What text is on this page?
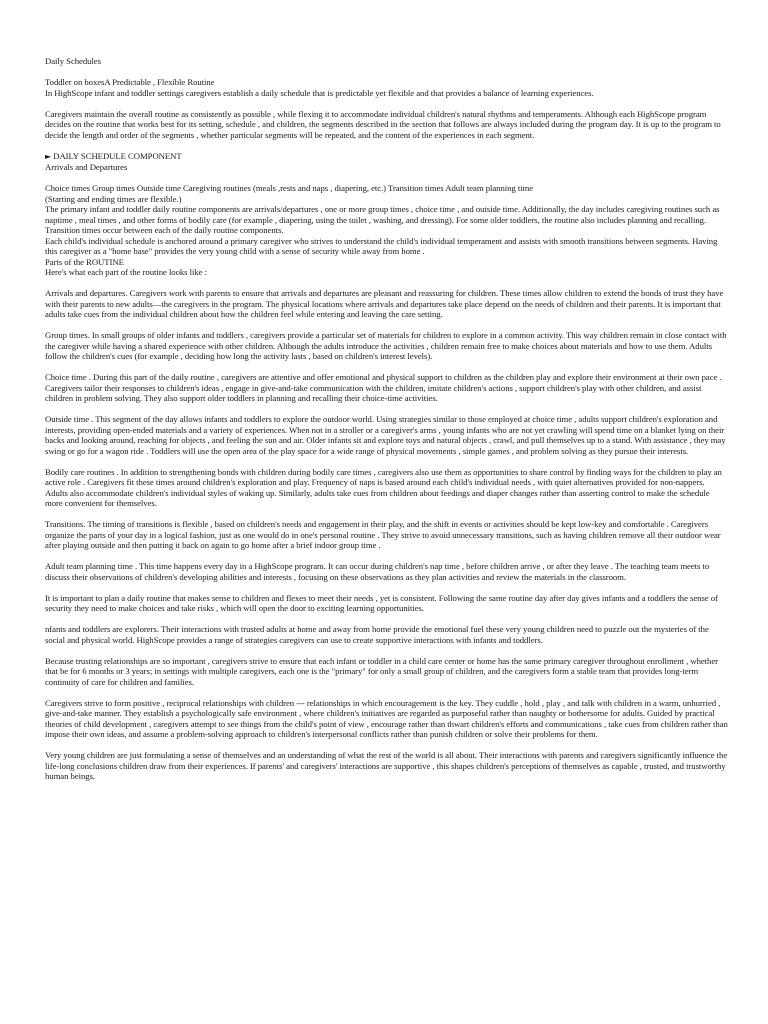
Daily Schedules

Toddler on boxesA Predictable , Flexible Routine

In HighScope infant and toddler settings caregivers establish a daily schedule that is predictable yet flexible and that provides a balance of learning experiences.

Caregivers maintain the overall routine as consistently as possible , while flexing it to accommodate individual children's natural rhythms and temperaments. Although each HighScope program decides on the routine that works best for its setting, schedule , and children, the segments described in the section that follows are always included during the program day. It is up to the program to decide the length and order of the segments , whether particular segments will be repeated, and the content of the experiences in each segment.

► DAILY SCHEDULE COMPONENT

Arrivals and Departures

Choice times Group times Outside time Caregiving routines (meals ,rests and naps , diapering, etc.) Transition times Adult team planning time

(Starting and ending times are flexible.)

The primary infant and toddler daily routine components are arrivals/departures , one or more group times , choice time , and outside time. Additionally, the day includes caregiving routines such as naptime , meal times , and other forms of bodily care (for example , diapering, using the toilet , washing, and dressing). For some older toddlers, the routine also includes planning and recalling. Transition times occur between each of the daily routine components.

Each child's individual schedule is anchored around a primary caregiver who strives to understand the child's individual temperament and assists with smooth transitions between segments. Having this caregiver as a "home base" provides the very young child with a sense of security while away from home .

Parts of the ROUTINE

Here's what each part of the routine looks like :

Arrivals and departures. Caregivers work with parents to ensure that arrivals and departures are pleasant and reassuring for children. These times allow children to extend the bonds of trust they have with their parents to new adults—the caregivers in the program. The physical locations where arrivals and departures take place depend on the needs of children and their parents. It is important that adults take cues from the individual children about how the children feel while entering and leaving the care setting.

Group times. In small groups of older infants and toddlers , caregivers provide a particular set of materials for children to explore in a common activity. This way children remain in close contact with the caregiver while having a shared experience with other children. Although the adults introduce the activities , children remain free to make choices about materials and how to use them. Adults follow the children's cues (for example , deciding how long the activity lasts , based on children's interest levels).

Choice time . During this part of the daily routine , caregivers are attentive and offer emotional and physical support to children as the children play and explore their environment at their own pace . Caregivers tailor their responses to children's ideas , engage in give-and-take communication with the children, imitate children's actions , support children's play with other children, and assist children in problem solving. They also support older toddlers in planning and recalling their choice-time activities.

Outside time . This segment of the day allows infants and toddlers to explore the outdoor world. Using strategies similar to those employed at choice time , adults support children's exploration and interests, providing open-ended materials and a variety of experiences. When not in a stroller or a caregiver's arms , young infants who are not yet crawling will spend time on a blanket lying on their backs and looking around, reaching for objects , and feeling the sun and air. Older infants sit and explore toys and natural objects , crawl, and pull themselves up to a stand. With assistance , they may swing or go for a wagon ride . Toddlers will use the open area of the play space for a wide range of physical movements , simple games , and problem solving as they pursue their interests.

Bodily care routines . In addition to strengthening bonds with children during bodily care times , caregivers also use them as opportunities to share control by finding ways for the children to play an active role . Caregivers fit these times around children's exploration and play. Frequency of naps is based around each child's individual needs , with quiet alternatives provided for non-nappers. Adults also accommodate children's individual styles of waking up. Similarly, adults take cues from children about feedings and diaper changes rather than asserting control to make the schedule more convenient for themselves.

Transitions. The timing of transitions is flexible , based on children's needs and engagement in their play, and the shift in events or activities should be kept low-key and comfortable . Caregivers organize the parts of your day in a logical fashion, just as one would do in one's personal routine . They strive to avoid unnecessary transitions, such as having children remove all their outdoor wear after playing outside and then putting it back on again to go home after a brief indoor group time .

Adult team planning time . This time happens every day in a HighScope program. It can occur during children's nap time , before children arrive , or after they leave . The teaching team meets to discuss their observations of children's developing abilities and interests , focusing on these observations as they plan activities and review the materials in the classroom.

It is important to plan a daily routine that makes sense to children and flexes to meet their needs , yet is consistent. Following the same routine day after day gives infants and a toddlers the sense of security they need to make choices and take risks , which will open the door to exciting learning opportunities.

nfants and toddlers are explorers. Their interactions with trusted adults at home and away from home provide the emotional fuel these very young children need to puzzle out the mysteries of the social and physical world. HighScope provides a range of strategies caregivers can use to create supportive interactions with infants and toddlers.

Because trusting relationships are so important , caregivers strive to ensure that each infant or toddler in a child care center or home has the same primary caregiver throughout enrollment , whether that be for 6 months or 3 years; in settings with multiple caregivers, each one is the "primary" for only a small group of children, and the caregivers form a stable team that provides long-term continuity of care for children and families.

Caregivers strive to form positive , reciprocal relationships with children --- relationships in which encouragement is the key. They cuddle , hold , play , and talk with children in a warm, unhurried , give-and-take manner. They establish a psychologically safe environment , where children's initiatives are regarded as purposeful rather than naughty or bothersome for adults. Guided by practical theories of child development , caregivers attempt to see things from the child's point of view , encourage rather than thwart children's efforts and communications , take cues from children rather than impose their own ideas, and assume a problem-solving approach to children's interpersonal conflicts rather than punish children or solve their problems for them.

Very young children are just formulating a sense of themselves and an understanding of what the rest of the world is all about. Their interactions with parents and caregivers significantly influence the life-long conclusions children draw from their experiences. If parents' and caregivers' interactions are supportive , this shapes children's perceptions of themselves as capable , trusted, and trustworthy human beings.
